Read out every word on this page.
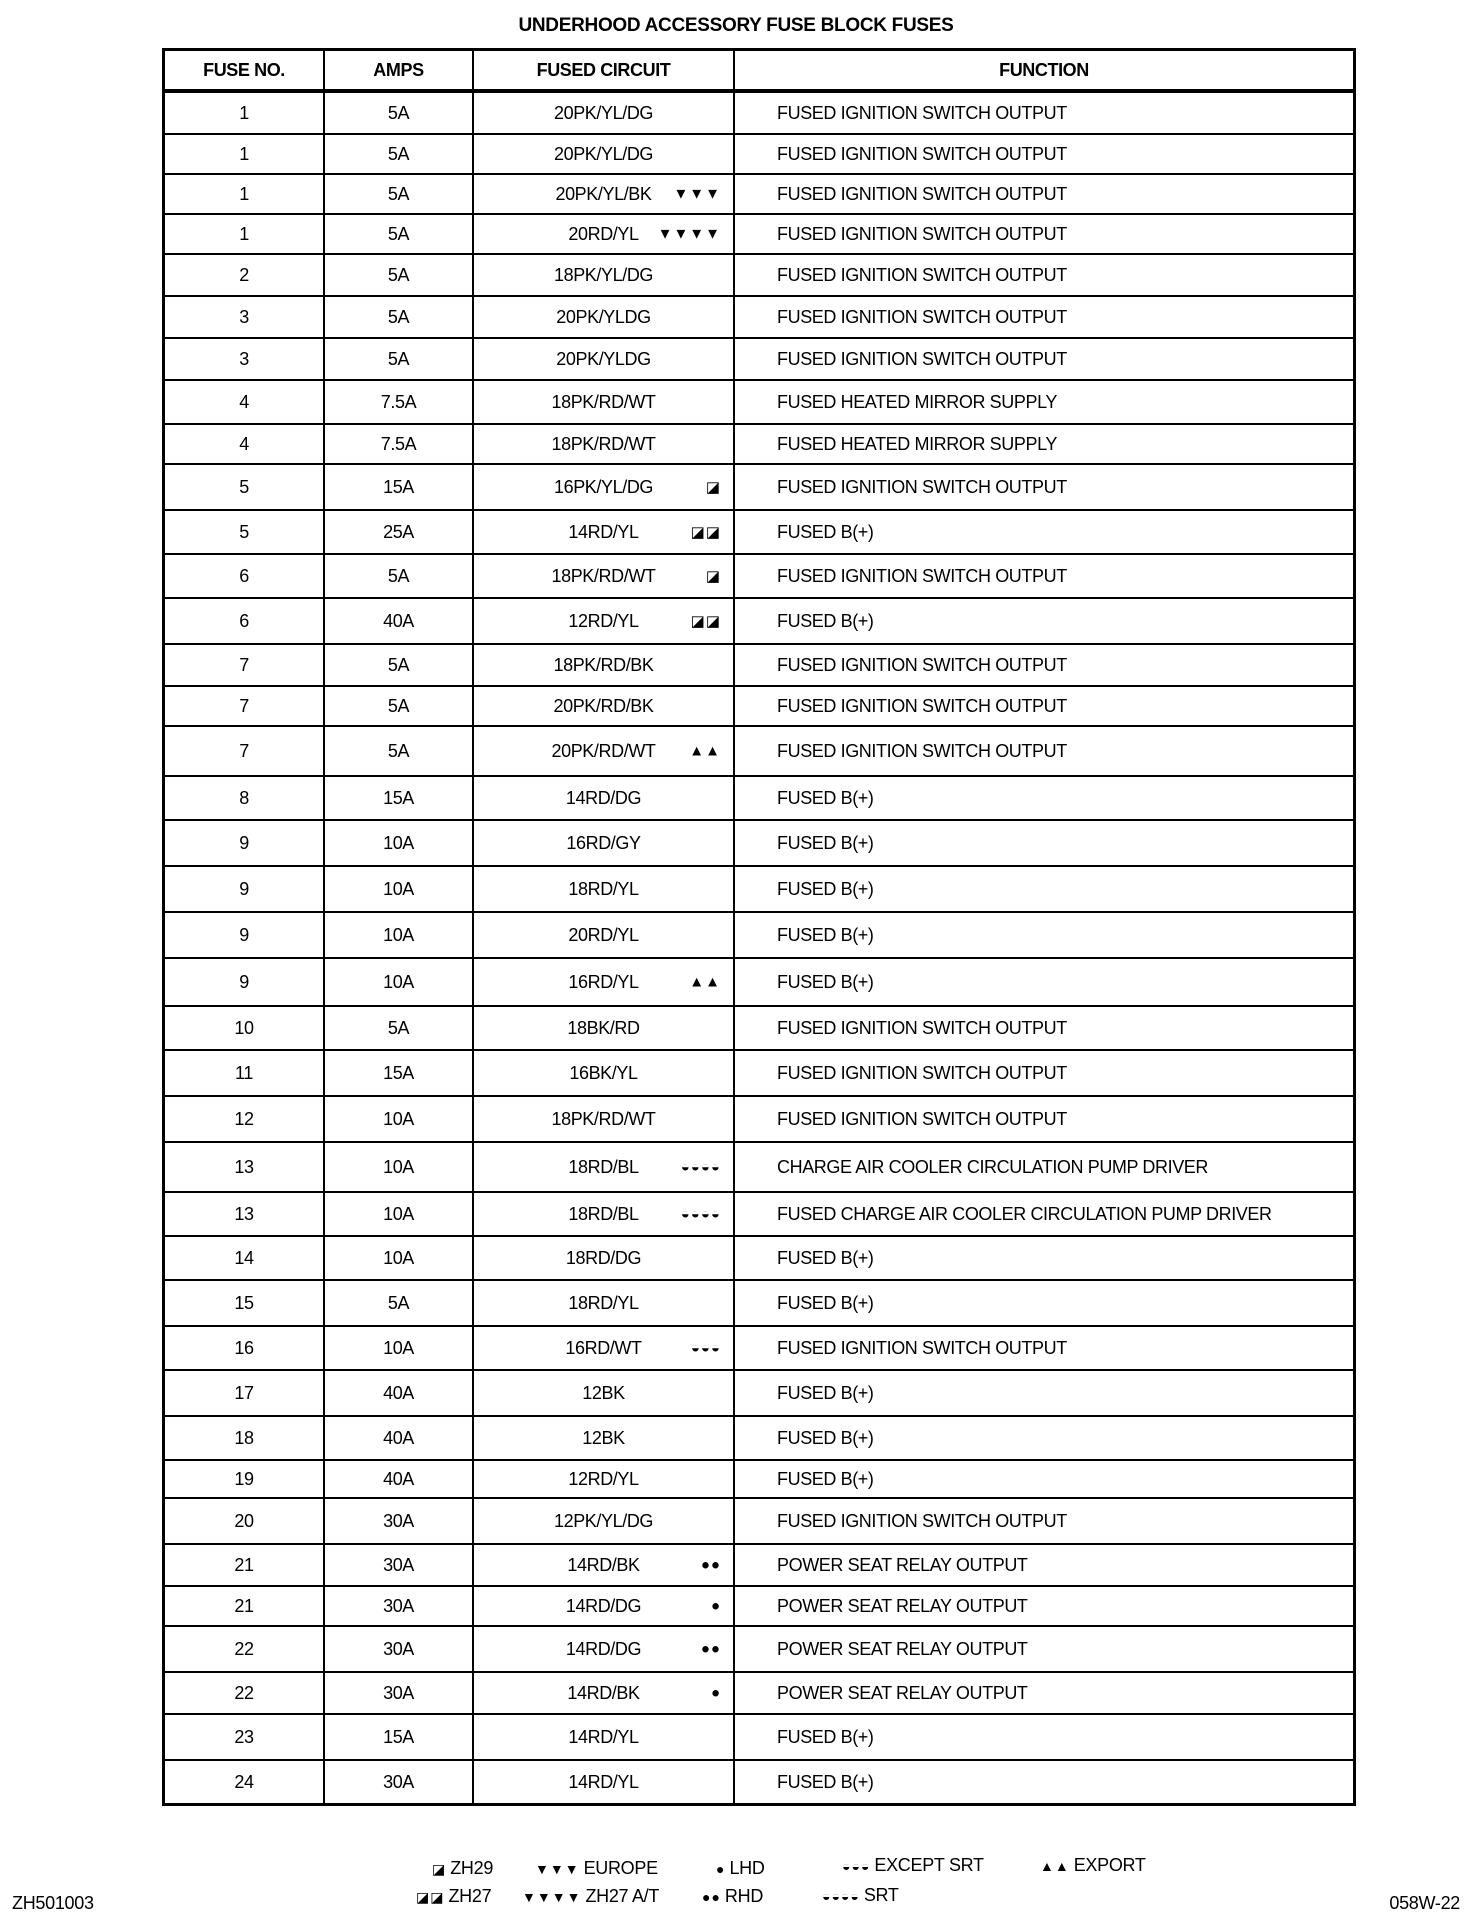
UNDERHOOD ACCESSORY FUSE BLOCK FUSES
FUSE NO.	AMPS	FUSED CIRCUIT	FUNCTION
1	5A	20PK/YL/DG	FUSED IGNITION SWITCH OUTPUT
1	5A	20PK/YL/DG	FUSED IGNITION SWITCH OUTPUT
1	5A	20PK/YL/BK ▼▼▼	FUSED IGNITION SWITCH OUTPUT
1	5A	20RD/YL ▼▼▼▼	FUSED IGNITION SWITCH OUTPUT
2	5A	18PK/YL/DG	FUSED IGNITION SWITCH OUTPUT
3	5A	20PK/YLDG	FUSED IGNITION SWITCH OUTPUT
3	5A	20PK/YLDG	FUSED IGNITION SWITCH OUTPUT
4	7.5A	18PK/RD/WT	FUSED HEATED MIRROR SUPPLY
4	7.5A	18PK/RD/WT	FUSED HEATED MIRROR SUPPLY
5	15A	16PK/YL/DG	◪	FUSED IGNITION SWITCH OUTPUT
5	25A	14RD/YL	◪◪	FUSED B(+)
6	5A	18PK/RD/WT	◪	FUSED IGNITION SWITCH OUTPUT
6	40A	12RD/YL	◪◪	FUSED B(+)
7	5A	18PK/RD/BK	FUSED IGNITION SWITCH OUTPUT
7	5A	20PK/RD/BK	FUSED IGNITION SWITCH OUTPUT
7	5A	20PK/RD/WT ▲▲	FUSED IGNITION SWITCH OUTPUT
8	15A	14RD/DG	FUSED B(+)
9	10A	16RD/GY	FUSED B(+)
9	10A	18RD/YL	FUSED B(+)
9	10A	20RD/YL	FUSED B(+)
9	10A	16RD/YL	▲▲	FUSED B(+)
10	5A	18BK/RD	FUSED IGNITION SWITCH OUTPUT
11	15A	16BK/YL	FUSED IGNITION SWITCH OUTPUT
12	10A	18PK/RD/WT	FUSED IGNITION SWITCH OUTPUT
13	10A	18RD/BL	◒◒◒◒	CHARGE AIR COOLER CIRCULATION PUMP DRIVER
13	10A	18RD/BL	◒◒◒◒	FUSED CHARGE AIR COOLER CIRCULATION PUMP DRIVER
14	10A	18RD/DG	FUSED B(+)
15	5A	18RD/YL	FUSED B(+)
16	10A	16RD/WT	◒◒◒	FUSED IGNITION SWITCH OUTPUT
17	40A	12BK	FUSED B(+)
18	40A	12BK	FUSED B(+)
19	40A	12RD/YL	FUSED B(+)
20	30A	12PK/YL/DG	FUSED IGNITION SWITCH OUTPUT
21	30A	14RD/BK	●●	POWER SEAT RELAY OUTPUT
21	30A	14RD/DG	●	POWER SEAT RELAY OUTPUT
22	30A	14RD/DG	●●	POWER SEAT RELAY OUTPUT
22	30A	14RD/BK	●	POWER SEAT RELAY OUTPUT
23	15A	14RD/YL	FUSED B(+)
24	30A	14RD/YL	FUSED B(+)
◪ ZH29
◪◪ ZH27
▼▼▼ EUROPE
▼▼▼▼ ZH27 A/T
● LHD
●● RHD
◒◒◒ EXCEPT SRT
◒◒◒◒ SRT
▲▲ EXPORT
ZH501003	058W-22
